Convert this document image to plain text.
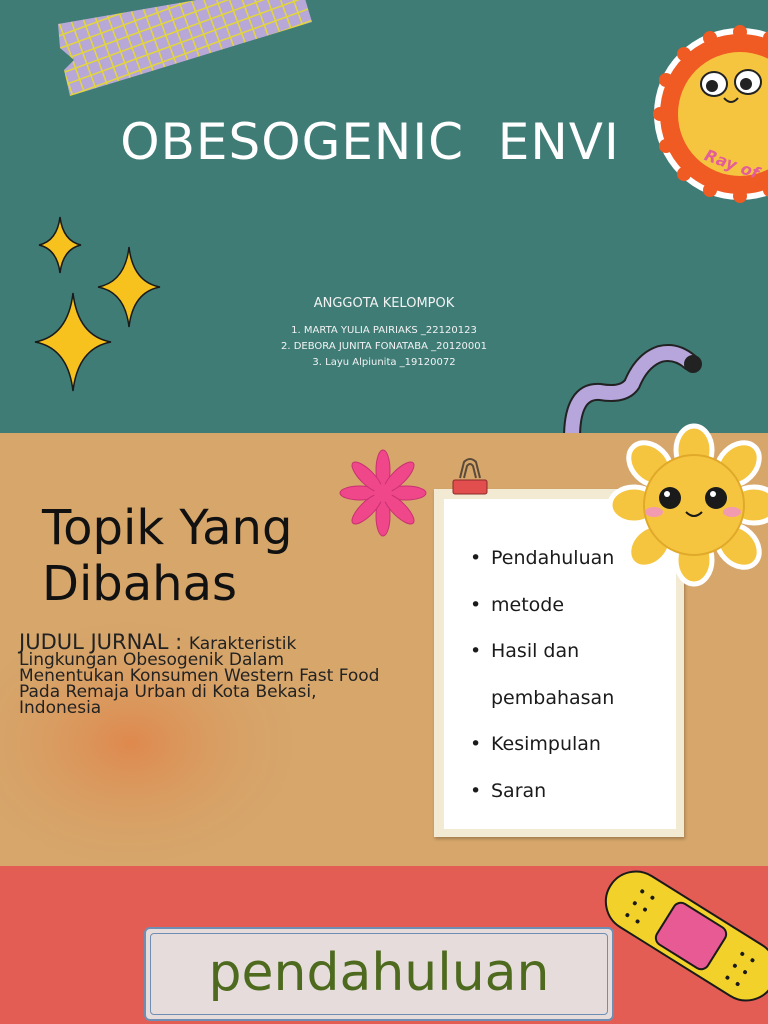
OBESOGENIC  ENVI
ANGGOTA KELOMPOK
1. MARTA YULIA PAIRIAKS _22120123
2. DEBORA JUNITA FONATABA _20120001
3. Layu Alpiunita _19120072
Ray of
Topik Yang
Dibahas
JUDUL JURNAL : Karakteristik Lingkungan Obesogenik Dalam Menentukan Konsumen Western Fast Food Pada Remaja Urban di Kota Bekasi, Indonesia
• Pendahuluan
• metode
• Hasil dan
pembahasan
• Kesimpulan
• Saran
pendahuluan
